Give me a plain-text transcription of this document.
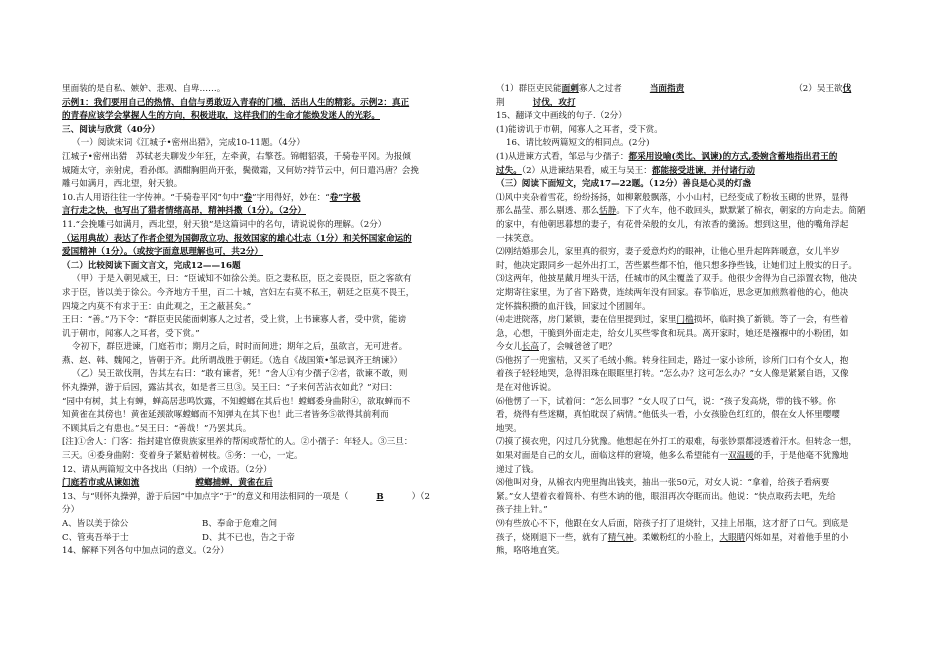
里面装的是自私、嫉妒、悲观、自卑……。
示例1：我们要用自己的热情、自信与勇敢迈入青春的门槛，活出人生的精彩。示例2：真正
的青春应该学会掌握人生的方向，积极进取，这样我们的生命才能焕发迷人的光彩。
三、阅读与欣赏（40分）
（一）阅读宋词《江城子•密州出猎》，完成10-11题。（4分）
江城子•密州出猎　苏轼老夫聊发少年狂，左牵黄，右擎苍。锦帽貂裘，千骑卷平冈。为报倾
城随太守，亲射虎，看孙郎。酒酣胸胆尚开张，鬓微霜，又何妨?持节云中，何日遣冯唐？会挽
雕弓如满月，西北望，射天狼。
10.古人用语往往一字传神。“千骑卷平冈”句中“卷”字用得好，妙在：“卷”字极
言行走之快，也写出了猎者情绪高昂，精神抖擞（1分）。（2分）
11.“会挽雕弓如满月，西北望，射天狼”是这篇词中的名句，请说说你的理解。（2分）
（运用典故）表达了作者企望为国御敌立功、报效国家的雄心壮志（1分）和关怀国家命运的
爱国精神（1分）。（或按字面意思理解也可，共2分）
（二）比较阅读下面文言文，完成12——16题
（甲）于是入朝见威王，曰：“臣诚知不如徐公美。臣之妻私臣，臣之妾畏臣，臣之客欲有
求于臣，皆以美于徐公。今齐地方千里，百二十城，宫妇左右莫不私王，朝廷之臣莫不畏王，
四境之内莫不有求于王：由此观之，王之蔽甚矣。”
王曰：“善。”乃下令：“群臣吏民能面刺寡人之过者，受上赏，上书谏寡人者，受中赏，能谤
讥于朝市，闻寡人之耳者，受下赏。”
令初下，群臣进谏，门庭若市；期月之后，时时而间进；期年之后，虽欲言，无可进者。
燕、赵、韩、魏闻之，皆朝于齐。此所谓战胜于朝廷。（选自《战国策•邹忌讽齐王纳谏》）
（乙）吴王欲伐荆，告其左右曰：“敢有谏者，死！”舍人①有少孺子②者，欲谏不敢，则
怀丸操弹，游于后园，露沾其衣，如是者三旦③。吴王曰：“子来何苦沾衣如此？”对曰：
“园中有树，其上有蝉，蝉高居悲鸣饮露，不知螳螂在其后也！螳螂委身曲附④，欲取蝉而不
知黄雀在其傍也！黄雀延颈欲啄螳螂而不知弹丸在其下也！此三者皆务⑤欲得其前利而
不顾其后之有患也。”吴王曰：“善哉！”乃罢其兵。
[注]①舍人：门客：指封建官僚贵族家里养的帮闲或帮忙的人。②小孺子：年轻人。③三旦：
三天。④委身曲附：变着身子紧贴着树枝。⑤务：一心，一定。
12、请从两篇短文中各找出（归纳）一个成语。（2分）
门庭若市或从谏如流	螳螂捕蝉，黄雀在后
13、与“则怀丸操弹，游于后园”中加点字“于”的意义和用法相同的一项是（	B	）（2
分）
A、皆以美于徐公	B、奉命于危难之间
C、管夷吾举于士	D、其不已也，告之于帝
14、解释下列各句中加点词的意义。（2分）
（1）群臣吏民能面刺寡人之过者	当面指责	（2）吴王欲伐
荆	讨伐，攻打
15、翻译文中画线的句子.（2分）
(1)能谤讥于市朝，闻寡人之耳者，受下赏。
16、请比较两篇短文的相同点。(2分)
(1)从进谏方式看，邹忌与少孺子：都采用设喻(类比、讽谏)的方式,委婉含蓄地指出君王的
过失。（2）从进谏结果看，威王与吴王：都能接受进谏，并付诸行动
（三）阅读下面短文，完成17—22题。（12分）善良是心灵的灯盏
⑴风中夹杂着雪花，纷纷扬扬，如柳絮般飘落，小小山村，已经变成了粉妆玉砌的世界，显得
那么晶莹、那么剔透、那么恬静。下了火车，他不敢回头，默默紧了棉衣，朝家的方向走去。简陋
的家中，有他朝思暮想的妻子，有花骨朵般的女儿，有浓香的羹汤。想到这里，他的嘴角浮起
一抹笑意。
⑵刚结婚那会儿，家里真的很穷，妻子爱意灼灼的眼神，让他心里升起阵阵暖意，女儿半岁
时，他决定跟同乡一起外出打工，苦些累些都不怕，他只想多挣些钱，让她们过上殷实的日子。
⑶这两年，他披星戴月埋头干活，任城市的风尘覆盖了双手。他很少舍得为自己添置衣物，他决
定期寄往家里，为了省下路费，连续两年没有回家。春节临近，思念更加煎熬着他的心，他决
定怀揣积攒的血汗钱，回家过个团圆年。
⑷走进院落，房门紧锁，妻在信里提到过，家里门槛损坏，临时换了新锁。等了一会，有些着
急，心想，干脆到外面走走，给女儿买些零食和玩具。离开家时，她还是襁褓中的小粉团，如
今女儿长高了，会喊爸爸了吧？
⑸他拐了一兜蜜桔，又买了毛绒小熊。转身往回走，路过一家小诊所，诊所门口有个女人，抱
着孩子轻轻地哭，急得泪珠在眼眶里打转。“怎么办？这可怎么办？”女人像是紧紧自语，又像
是在对他诉说。
⑹他愣了一下，试着问：“怎么回事？”女人叹了口气，说：“孩子发高烧，带的钱不够。你
看，烧得有些迷糊，真怕耽误了病情。”他低头一看，小女孩脸色红红的，偎在女人怀里嘤嘤
地哭。
⑺摸了摸衣兜，闪过几分犹豫。他想起在外打工的艰难，每张钞票都浸透着汗水。但转念一想，
如果对面是自己的女儿，面临这样的窘境，他多么希望能有一双温暖的手，于是他毫不犹豫地
递过了钱。
⑻他叫对身，从棉衣内兜里掏出钱夹，抽出一张50元，对女人说：“拿着，给孩子看病要
紧。”女人望着衣着简朴、有些木讷的他，眼泪再次夺眶而出。他说：“快点取药去吧，先给
孩子挂上针。”
⑼有些放心不下，他跟在女人后面，陪孩子打了退烧针，又挂上吊瓶，这才舒了口气。到底是
孩子，烧刚退下一些，就有了精气神。柔嫩粉红的小脸上，大眼睛闪烁如星，对着他手里的小
熊，咯咯地直笑。
